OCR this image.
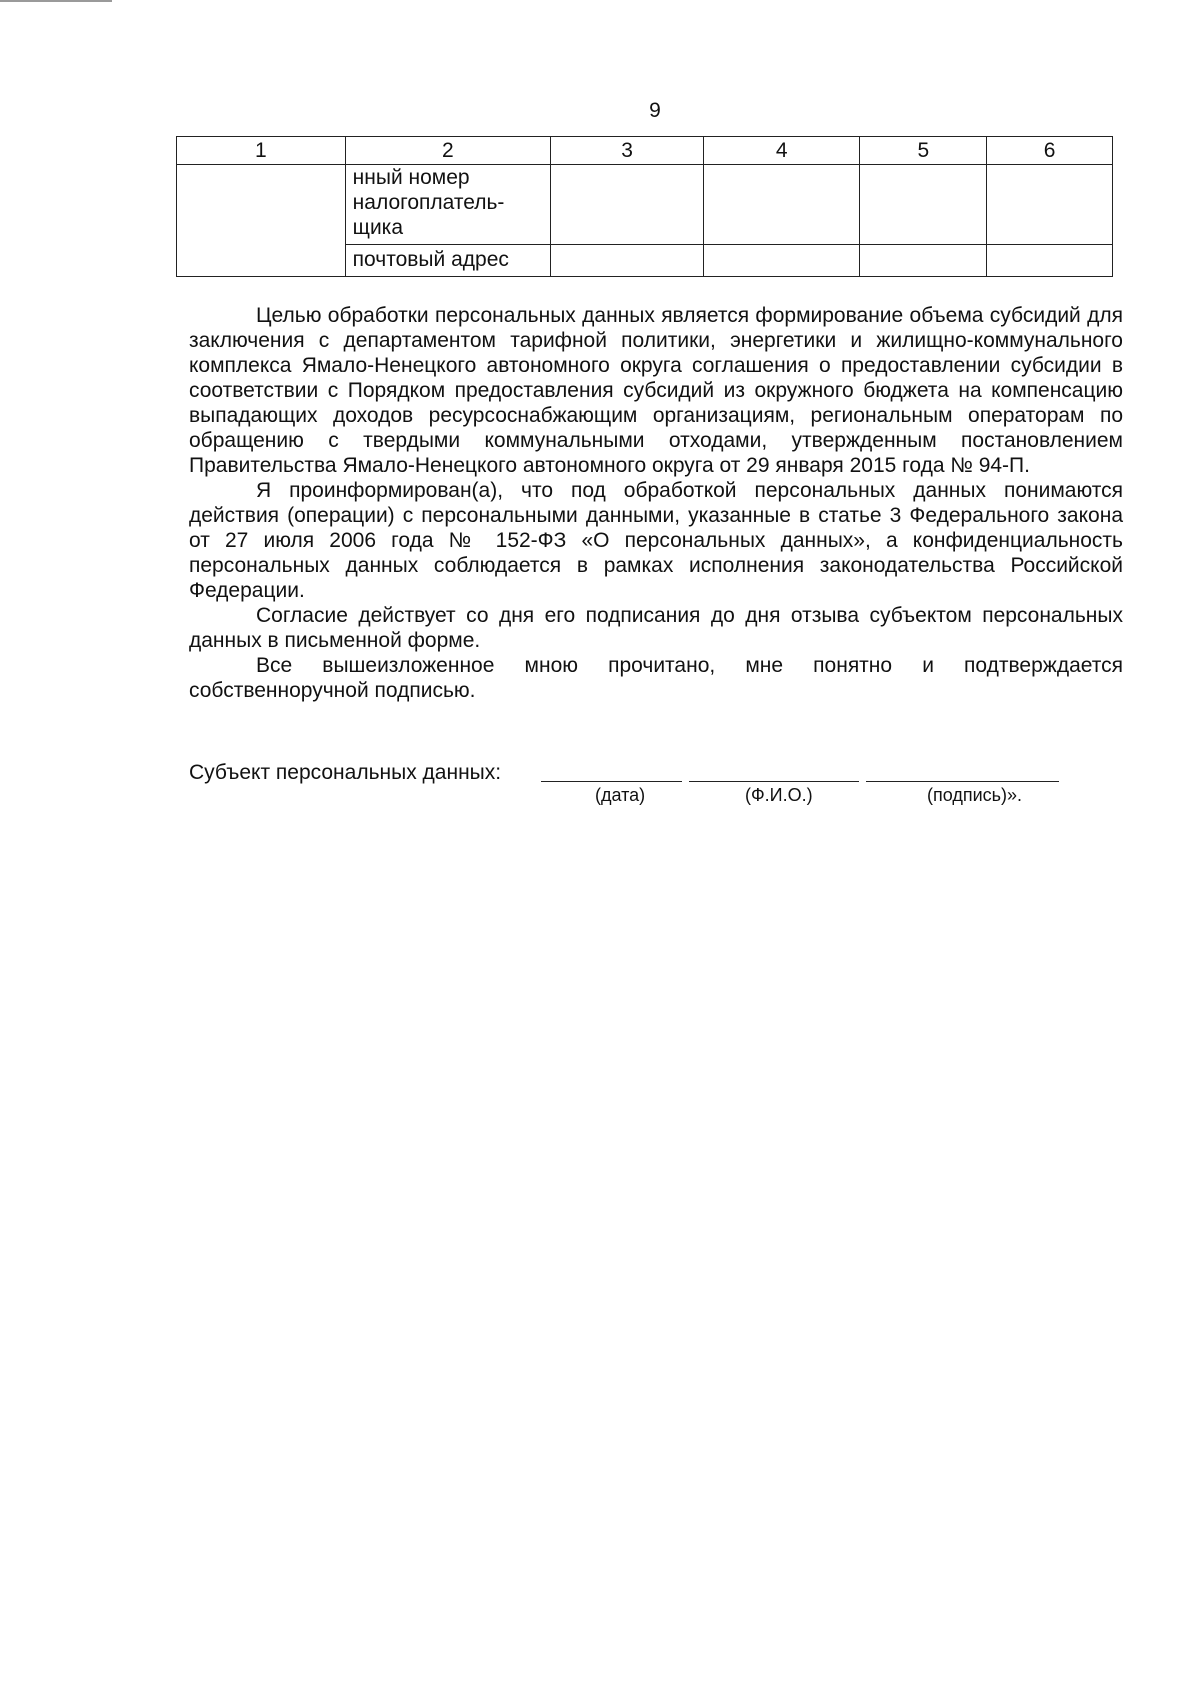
9
1	2	3	4	5	6
	нный номер
налогоплатель-
щика				
	почтовый адрес				

Целью обработки персональных данных является формирование объема субсидий для заключения с департаментом тарифной политики, энергетики и жилищно-коммунального комплекса Ямало-Ненецкого автономного округа соглашения о предоставлении субсидии в соответствии с Порядком предоставления субсидий из окружного бюджета на компенсацию выпадающих доходов ресурсоснабжающим организациям, региональным операторам по обращению с твердыми коммунальными отходами, утвержденным постановлением Правительства Ямало-Ненецкого автономного округа от 29 января 2015 года № 94-П.

Я проинформирован(а), что под обработкой персональных данных понимаются действия (операции) с персональными данными, указанные в статье 3 Федерального закона от 27 июля 2006 года № 152-ФЗ «О персональных данных», а конфиденциальность персональных данных соблюдается в рамках исполнения законодательства Российской Федерации.

Согласие действует со дня его подписания до дня отзыва субъектом персональных данных в письменной форме.

Все вышеизложенное мною прочитано, мне понятно и подтверждается собственноручной подписью.

Субъект персональных данных:
(дата)	(Ф.И.О.)	(подпись)».
